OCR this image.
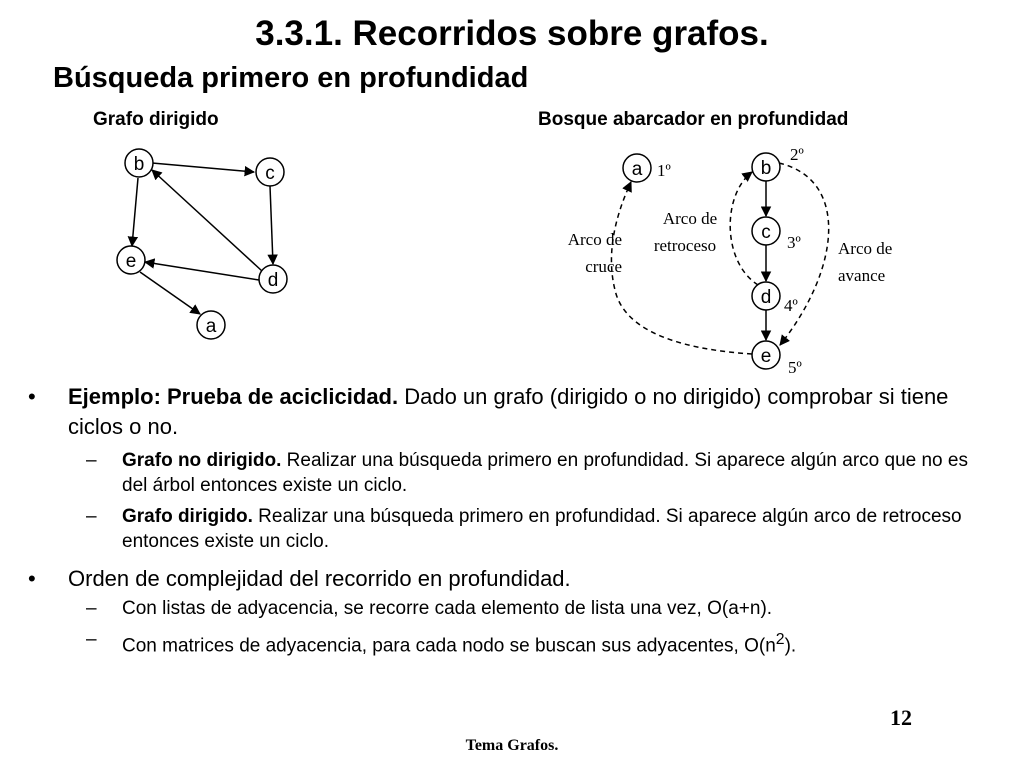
3.3.1. Recorridos sobre grafos.
Búsqueda primero en profundidad
Grafo dirigido	Bosque abarcador en profundidad
b	c
e
d
a
a	b
c
d
e
1º
2º
3º
4º
5º
Arco de
cruce
Arco de
retroceso	Arco de
avance
• Ejemplo: Prueba de aciclicidad. Dado un grafo (dirigido o no dirigido) comprobar si tiene ciclos o no.
– Grafo no dirigido. Realizar una búsqueda primero en profundidad. Si aparece algún arco que no es del árbol entonces existe un ciclo.
– Grafo dirigido. Realizar una búsqueda primero en profundidad. Si aparece algún arco de retroceso entonces existe un ciclo.
• Orden de complejidad del recorrido en profundidad.
– Con listas de adyacencia, se recorre cada elemento de lista una vez, O(a+n).
– Con matrices de adyacencia, para cada nodo se buscan sus adyacentes, $O(n^2)$.
12
Tema Grafos.
